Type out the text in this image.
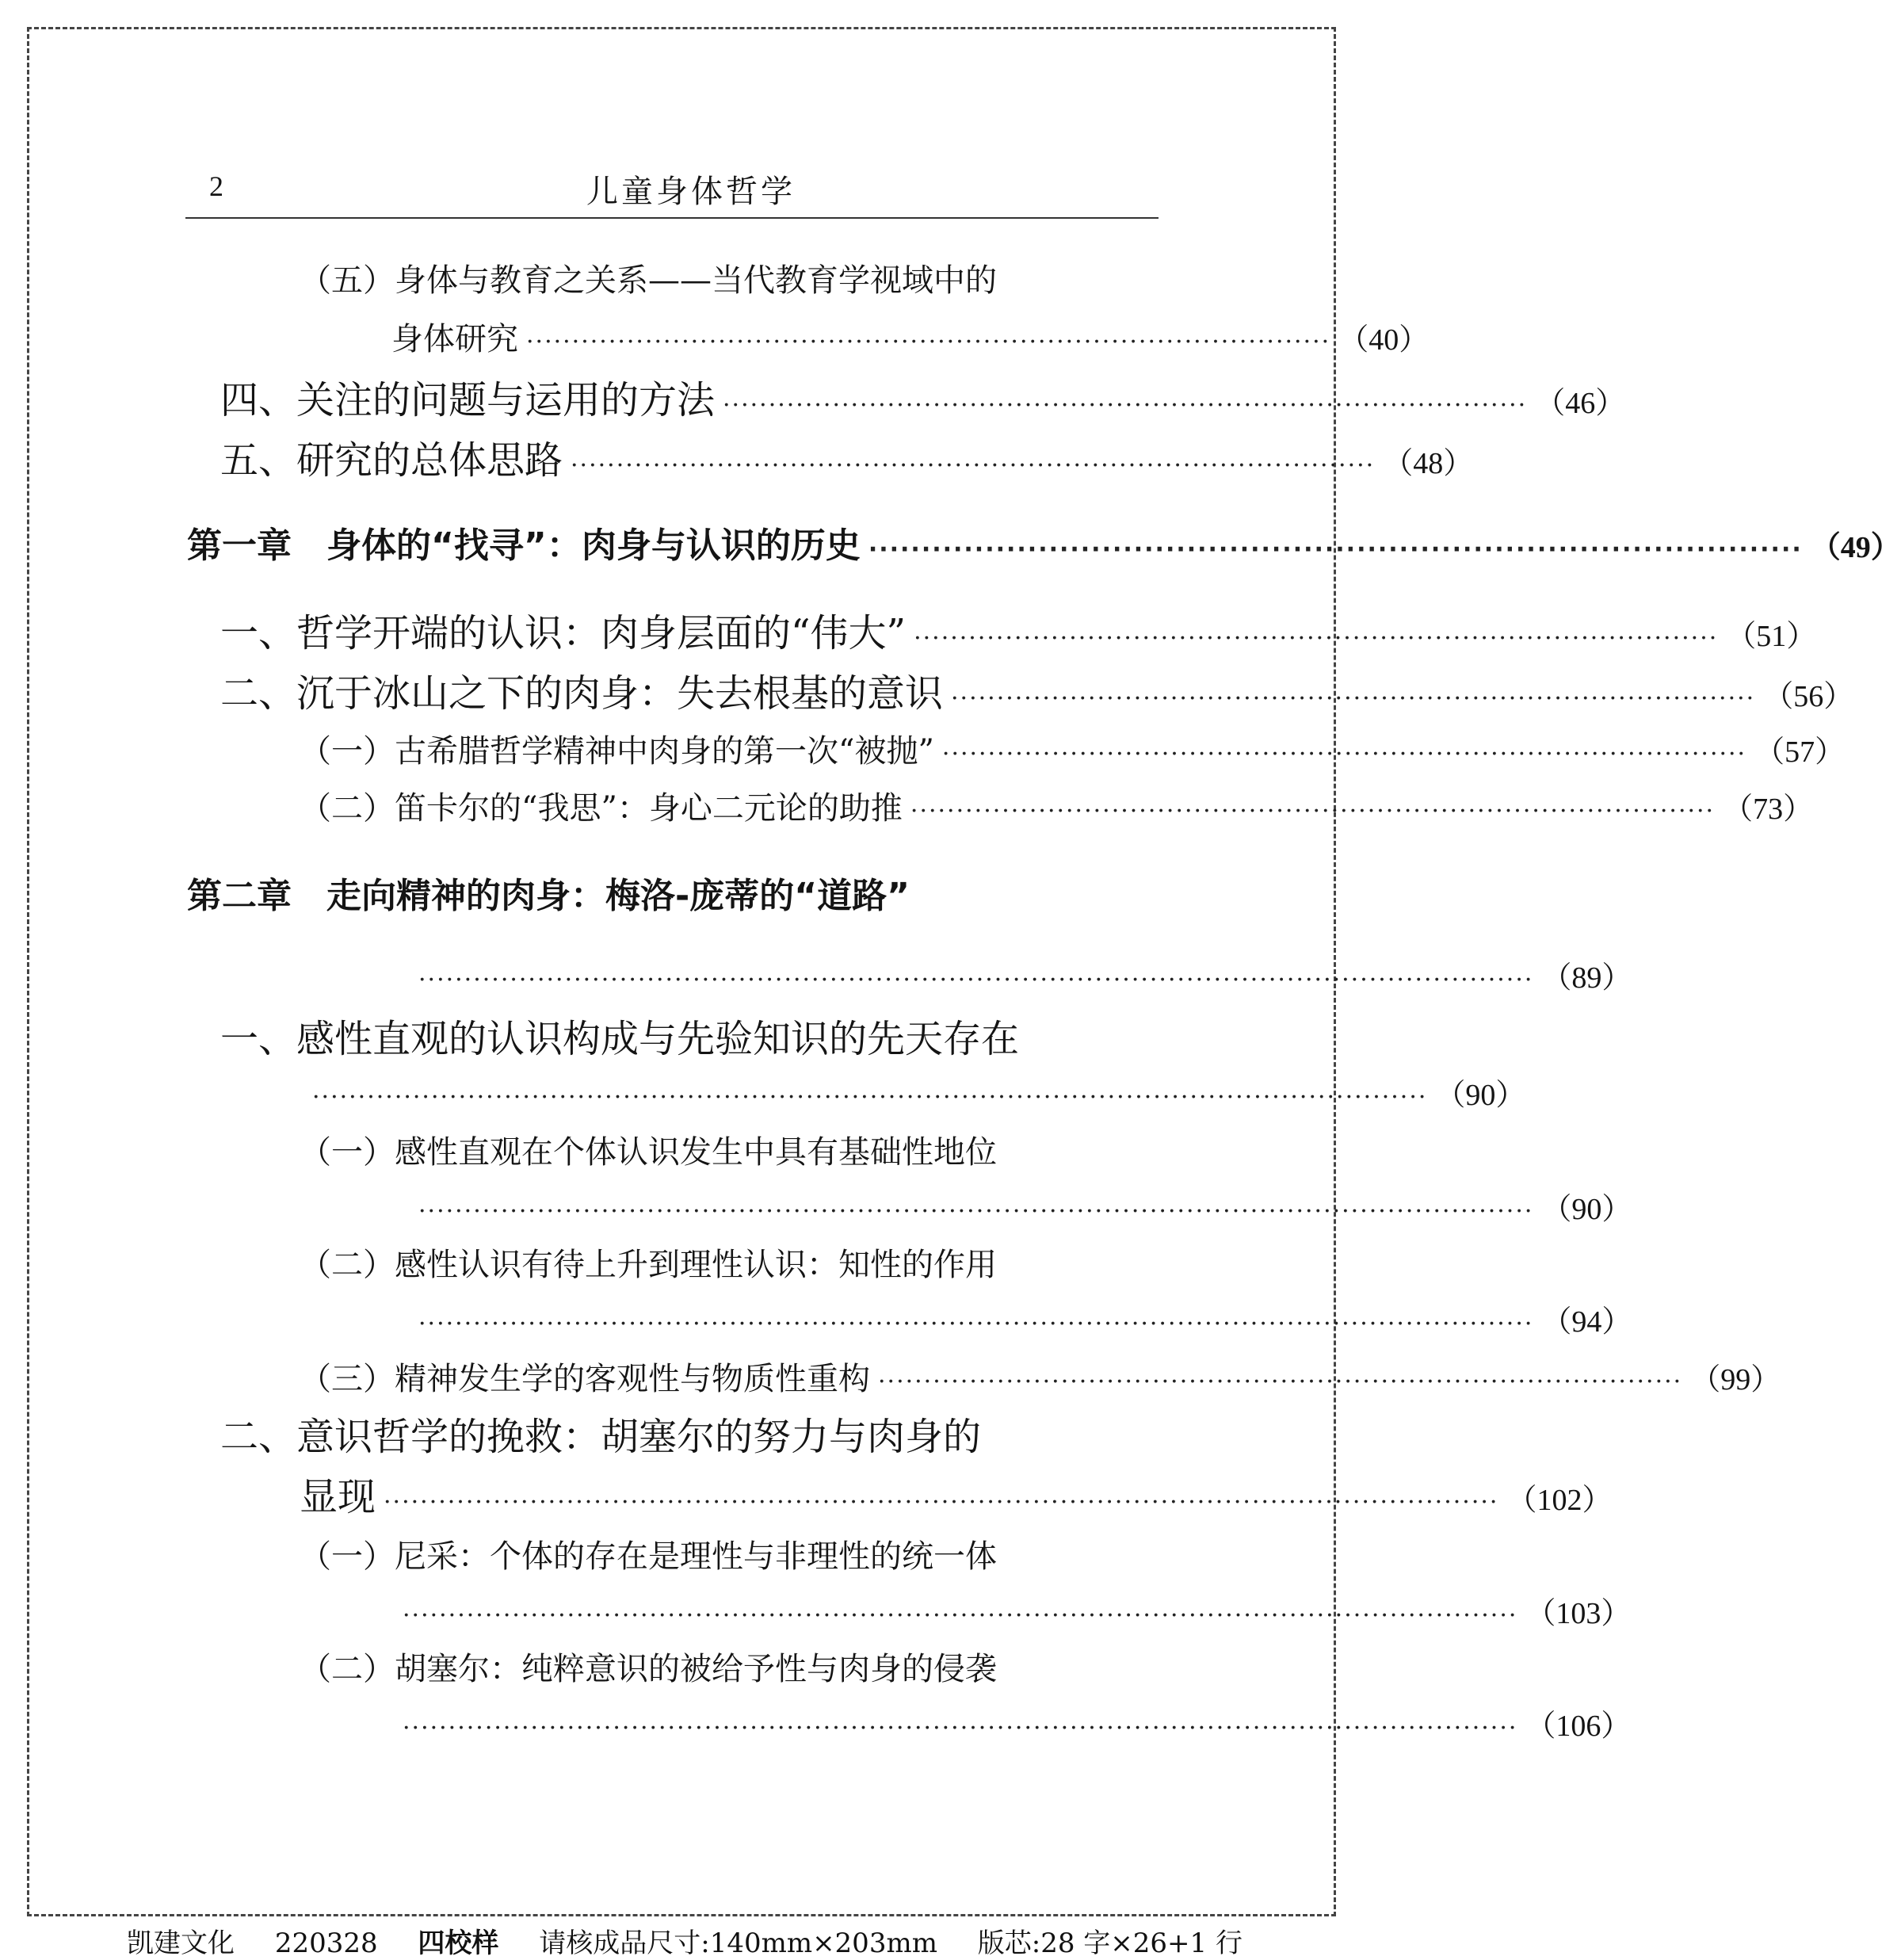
2	儿童身体哲学
（五）身体与教育之关系——当代教育学视域中的
身体研究 ························································································ （40）
四、关注的问题与运用的方法 ························································································ （46）
五、研究的总体思路 ························································································ （48）
第一章　身体的“找寻”：肉身与认识的历史 ························································································ （49）
一、哲学开端的认识：肉身层面的“伟大” ························································································ （51）
二、沉于冰山之下的肉身：失去根基的意识 ························································································ （56）
（一）古希腊哲学精神中肉身的第一次“被抛” ························································································ （57）
（二）笛卡尔的“我思”：身心二元论的助推 ························································································ （73）
第二章　走向精神的肉身：梅洛-庞蒂的“道路”
·························································································································· （89）
一、感性直观的认识构成与先验知识的先天存在
·························································································································· （90）
（一）感性直观在个体认识发生中具有基础性地位
·························································································································· （90）
（二）感性认识有待上升到理性认识：知性的作用
·························································································································· （94）
（三）精神发生学的客观性与物质性重构 ························································································ （99）
二、意识哲学的挽救：胡塞尔的努力与肉身的
显现 ·························································································································· （102）
（一）尼采：个体的存在是理性与非理性的统一体
·························································································································· （103）
（二）胡塞尔：纯粹意识的被给予性与肉身的侵袭
·························································································································· （106）
凯建文化 220328 四校样 请核成品尺寸:140mm×203mm 版芯:28 字×26+1 行
